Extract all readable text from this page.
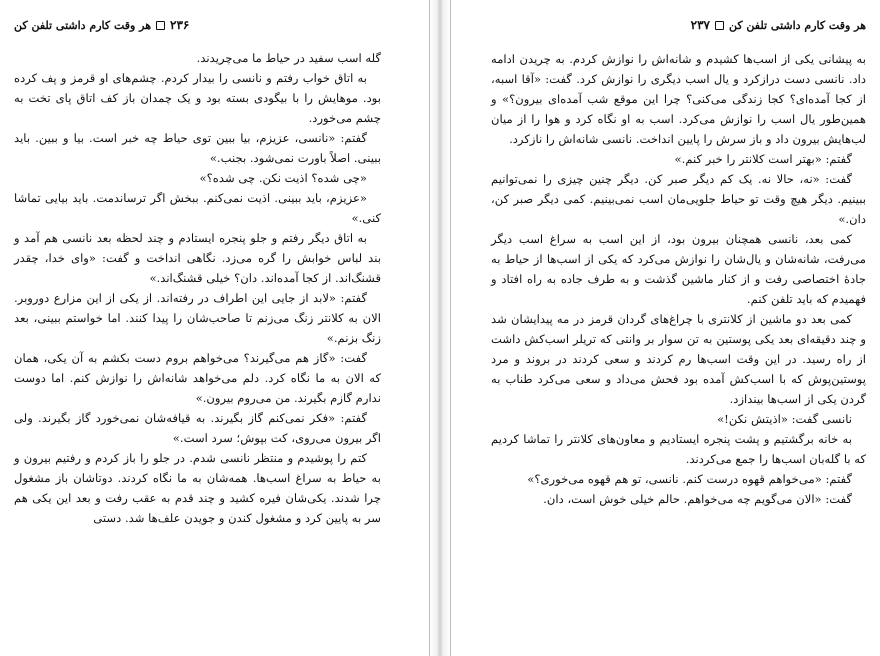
۲۳۶
هر وقت کارم داشتی تلفن کن

گله اسب سفید در حیاط ما می‌چریدند.

به اتاق خواب رفتم و نانسی را بیدار کردم. چشم‌های او قرمز و پف کرده بود. موهایش را با بیگودی بسته بود و یک چمدان باز کف اتاق پای تخت به چشم می‌خورد.

گفتم: «نانسی، عزیزم، بیا ببین توی حیاط چه خبر است. بیا و ببین. باید ببینی. اصلاً باورت نمی‌شود. بجنب.»

«چی شده؟ اذیت نکن. چی شده؟»

«عزیزم، باید ببینی. اذیت نمی‌کنم. ببخش اگر ترساندمت. باید بیایی تماشا کنی.»

به اتاق دیگر رفتم و جلو پنجره ایستادم و چند لحظه بعد نانسی هم آمد و بند لباس خوابش را گره می‌زد. نگاهی انداخت و گفت: «وای خدا، چقدر قشنگ‌اند. از کجا آمده‌اند. دان؟ خیلی قشنگ‌اند.»

گفتم: «لابد از جایی این اطراف در رفته‌اند. از یکی از این مزارع دوروبر. الان به کلانتر زنگ می‌زنم تا صاحب‌شان را پیدا کنند. اما خواستم ببینی، بعد زنگ بزنم.»

گفت: «گاز هم می‌گیرند؟ می‌خواهم بروم دست بکشم به آن یکی، همان که الان به ما نگاه کرد. دلم می‌خواهد شانه‌اش را نوازش کنم. اما دوست ندارم گازم بگیرند. من می‌روم بیرون.»

گفتم: «فکر نمی‌کنم گاز بگیرند. به قیافه‌شان نمی‌خورد گاز بگیرند. ولی اگر بیرون می‌روی، کت بپوش؛ سرد است.»

کتم را پوشیدم و منتظر نانسی شدم. در جلو را باز کردم و رفتیم بیرون و به حیاط به سراغ اسب‌ها. همه‌شان به ما نگاه کردند. دوتاشان باز مشغول چرا شدند. یکی‌شان فیره کشید و چند قدم به عقب رفت و بعد این یکی هم سر به پایین کرد و مشغول کندن و جویدن علف‌ها شد. دستی

هر وقت کارم داشتی تلفن کن
۲۳۷

به پیشانی یکی از اسب‌ها کشیدم و شانه‌اش را نوازش کردم. به چریدن ادامه داد. نانسی دست درازکرد و یال اسب دیگری را نوازش کرد. گفت: «آقا اسبه، از کجا آمده‌ای؟ کجا زندگی می‌کنی؟ چرا این موقع شب آمده‌ای بیرون؟» و همین‌طور یال اسب را نوازش می‌کرد. اسب به او نگاه کرد و هوا را از میان لب‌هایش بیرون داد و باز سرش را پایین انداخت. نانسی شانه‌اش را نازکرد.

گفتم: «بهتر است کلانتر را خبر کنم.»

گفت: «نه، حالا نه. یک کم دیگر صبر کن. دیگر چنین چیزی را نمی‌توانیم ببینیم. دیگر هیچ وقت تو حیاط جلویی‌مان اسب نمی‌بینیم. کمی دیگر صبر کن، دان.»

کمی بعد، نانسی همچنان بیرون بود، از این اسب به سراغ اسب دیگر می‌رفت، شانه‌شان و یال‌شان را نوازش می‌کرد که یکی از اسب‌ها از حیاط به جادهٔ اختصاصی رفت و از کنار ماشین گذشت و به طرف جاده به راه افتاد و فهمیدم که باید تلفن کنم.

کمی بعد دو ماشین از کلانتری با چراغ‌های گردان قرمز در مه پیدایشان شد و چند دقیقه‌ای بعد یکی پوستین به تن سوار بر وانتی که تریلر اسب‌کش داشت از راه رسید. در این وقت اسب‌ها رم کردند و سعی کردند در بروند و مرد پوستین‌پوش که با اسب‌کش آمده بود فحش می‌داد و سعی می‌کرد طناب به گردن یکی از اسب‌ها بیندازد.

نانسی گفت: «اذیتش نکن!»

به خانه برگشتیم و پشت پنجره ایستادیم و معاون‌های کلانتر را تماشا کردیم که با گله‌بان اسب‌ها را جمع می‌کردند.

گفتم: «می‌خواهم قهوه درست کنم. نانسی، تو هم قهوه می‌خوری؟»

گفت: «الان می‌گویم چه می‌خواهم. حالم خیلی خوش است، دان.
